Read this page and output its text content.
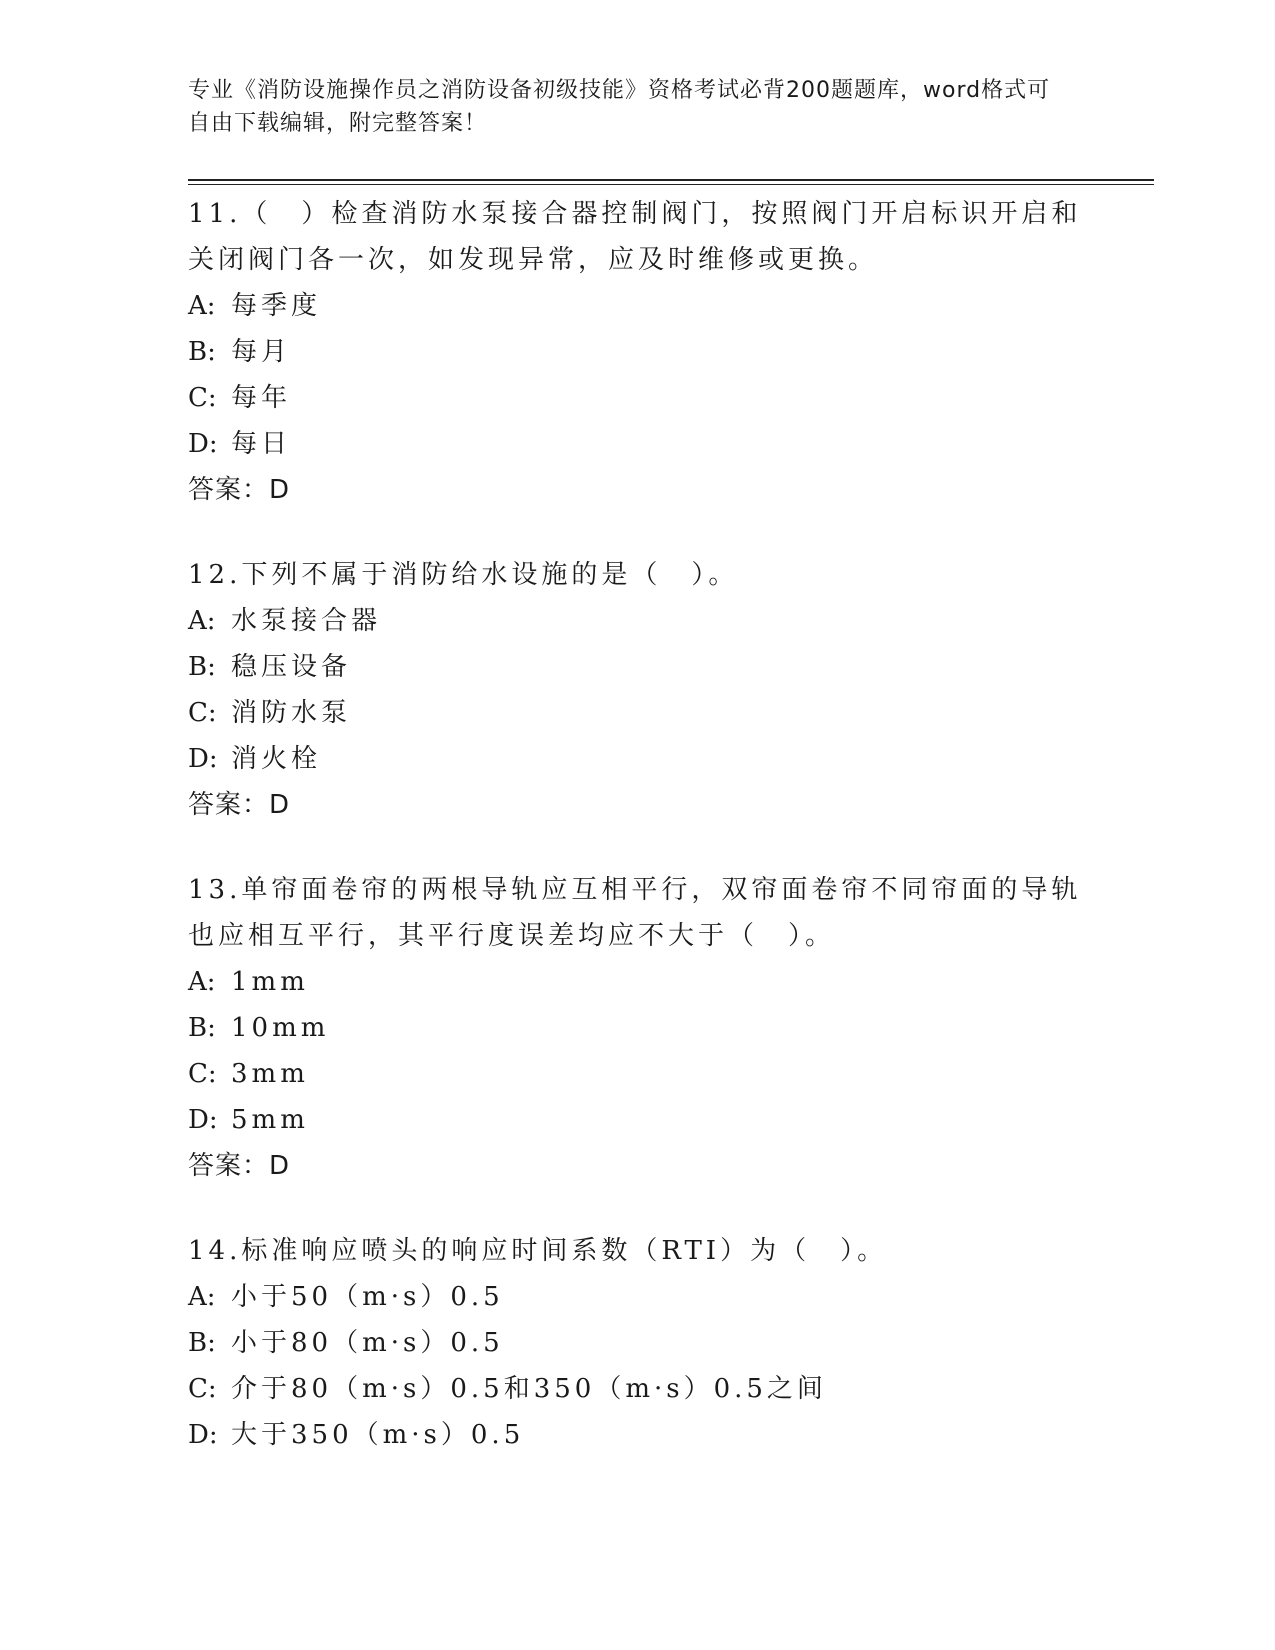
专业《消防设施操作员之消防设备初级技能》资格考试必背200题题库，word格式可自由下载编辑，附完整答案！

11.（　）检查消防水泵接合器控制阀门，按照阀门开启标识开启和关闭阀门各一次，如发现异常，应及时维修或更换。

A: 每季度
B: 每月
C: 每年
D: 每日
答案：D

12.下列不属于消防给水设施的是（　）。

A: 水泵接合器
B: 稳压设备
C: 消防水泵
D: 消火栓
答案：D

13.单帘面卷帘的两根导轨应互相平行，双帘面卷帘不同帘面的导轨也应相互平行，其平行度误差均应不大于（　）。

A: 1mm
B: 10mm
C: 3mm
D: 5mm
答案：D

14.标准响应喷头的响应时间系数（RTI）为（　）。

A: 小于50（m·s）0.5
B: 小于80（m·s）0.5
C: 介于80（m·s）0.5和350（m·s）0.5之间
D: 大于350（m·s）0.5
